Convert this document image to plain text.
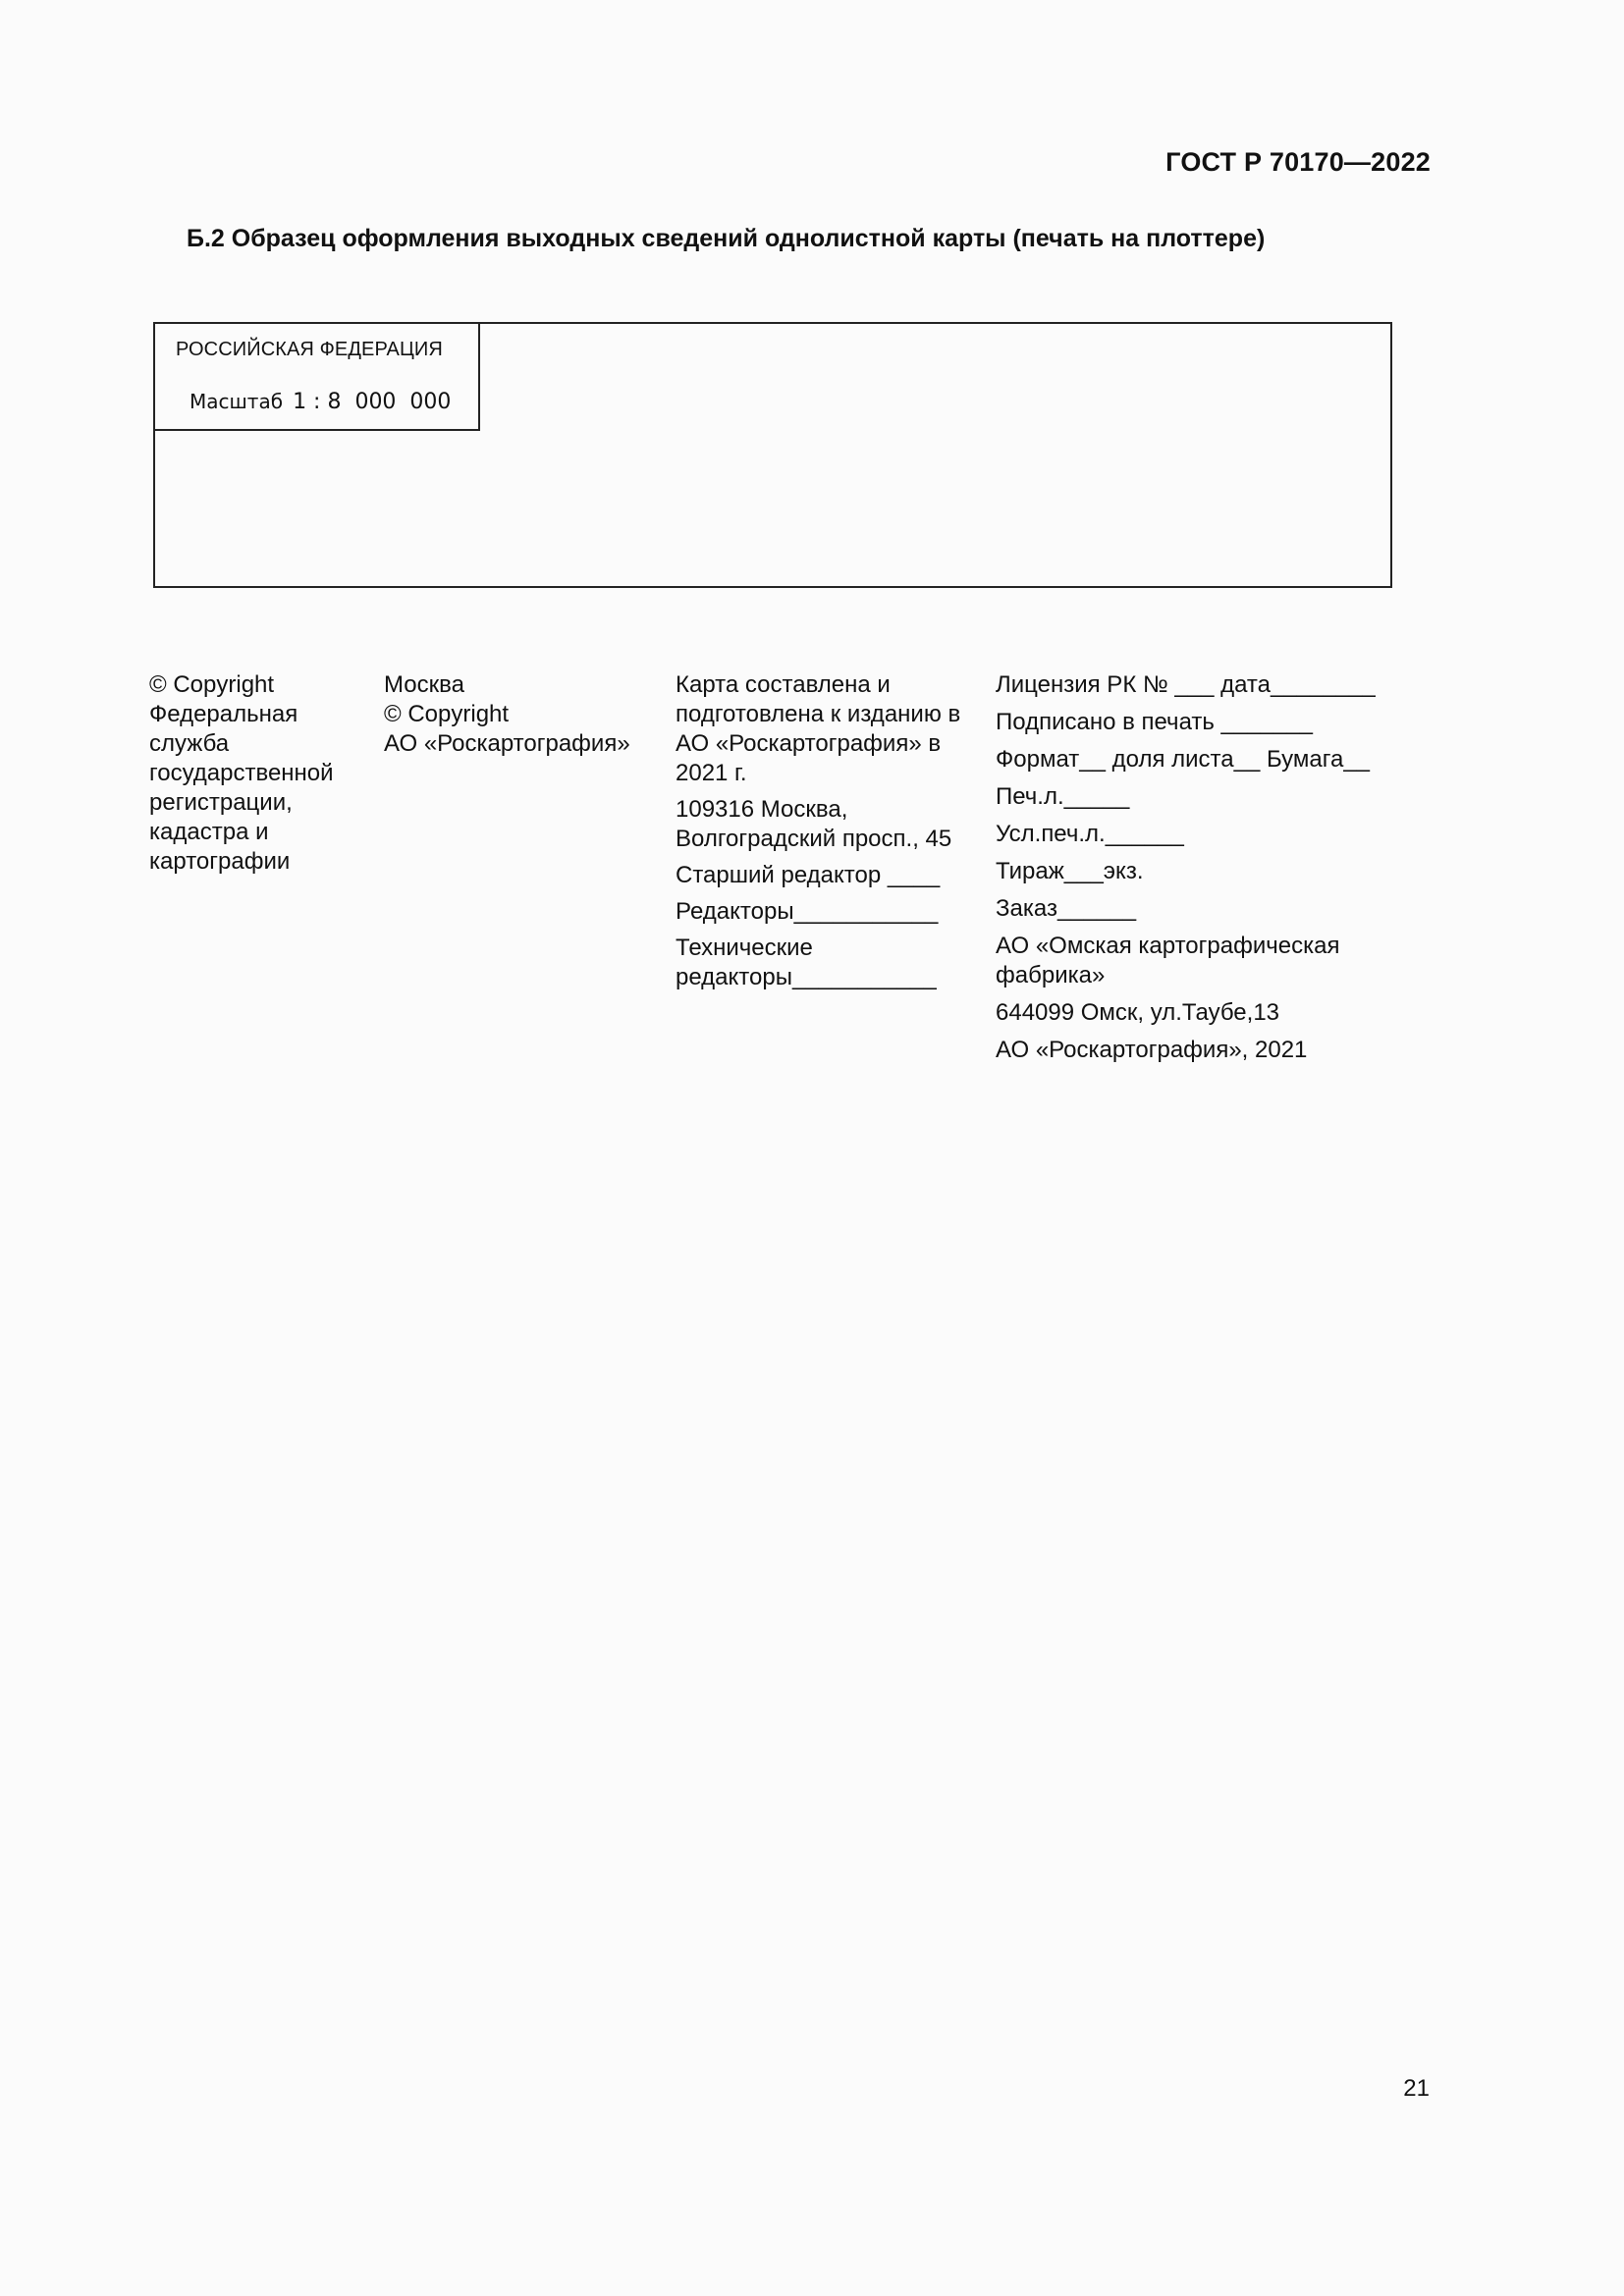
ГОСТ Р 70170—2022
Б.2 Образец оформления выходных сведений однолистной карты (печать на плоттере)
РОССИЙСКАЯ ФЕДЕРАЦИЯ
Масштаб 1 : 8  000  000

© Copyright
Федеральная
служба
государственной
регистрации,
кадастра и
картографии

Москва
© Copyright
АО «Роскартография»

Карта составлена и подготовлена к изданию в АО «Роскартография» в 2021 г.

109316 Москва, Волгоградский просп., 45

Старший редактор ____

Редакторы___________

Технические редакторы___________

Лицензия РК № ___ дата________

Подписано в печать _______

Формат__ доля листа__ Бумага__

Печ.л._____

Усл.печ.л.______

Тираж___экз.

Заказ______

АО «Омская картографическая фабрика»

644099 Омск, ул.Таубе,13

АО «Роскартография», 2021

21
